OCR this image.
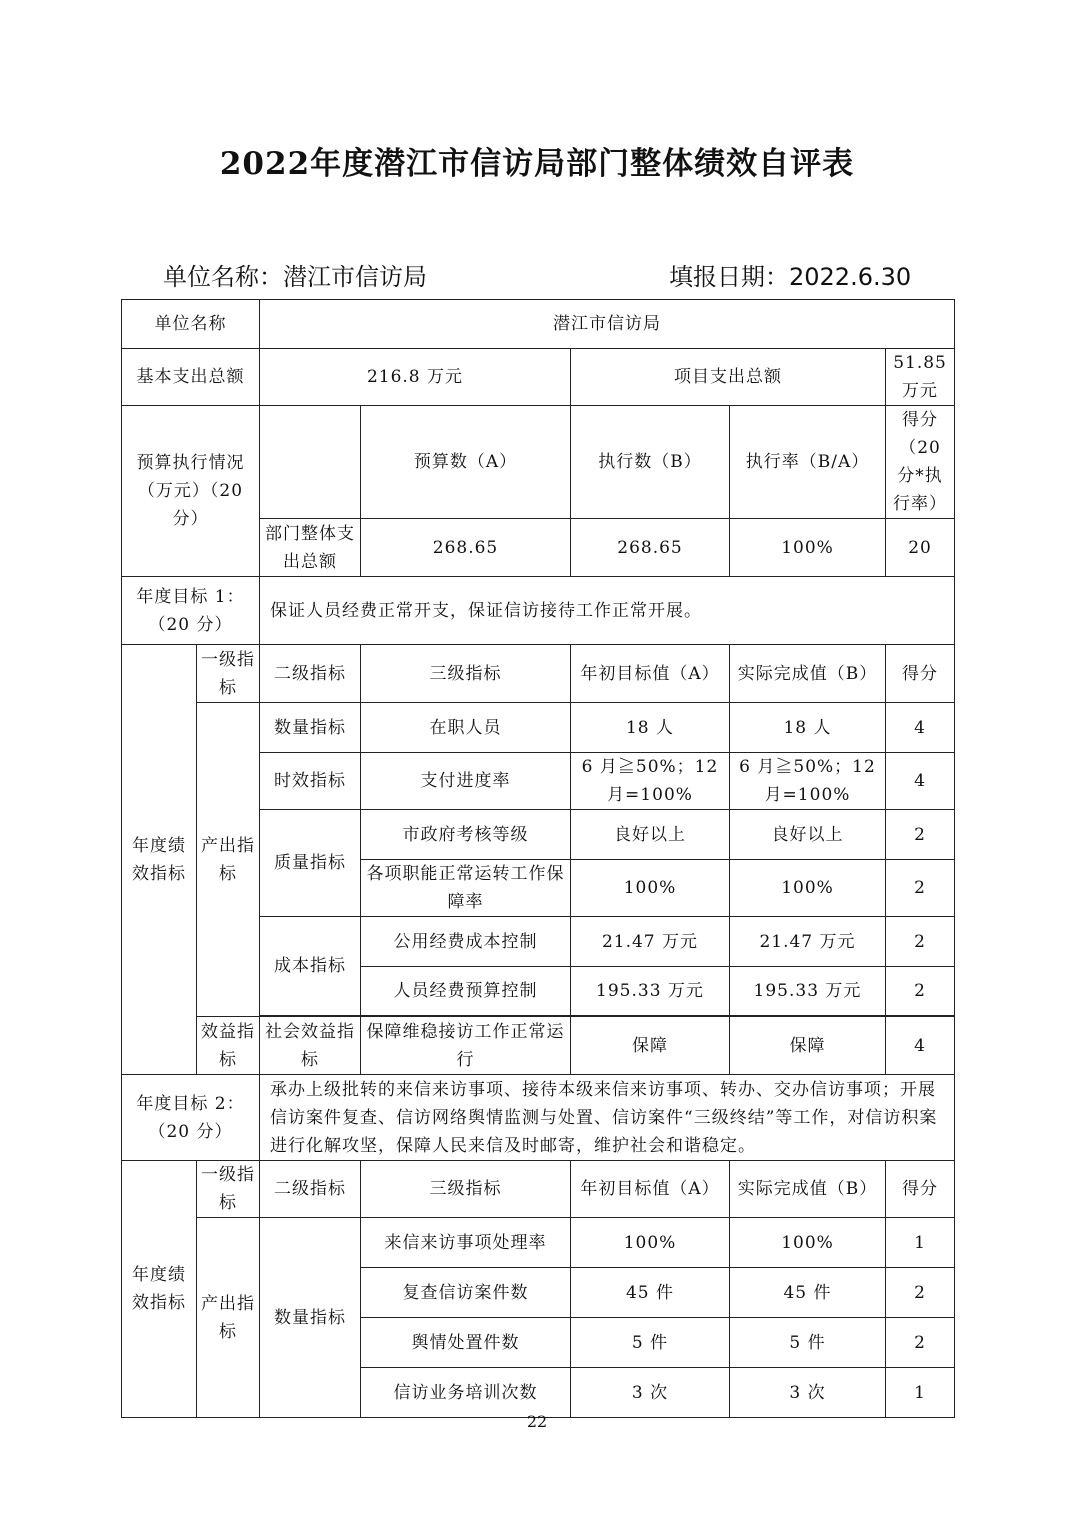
2022年度潜江市信访局部门整体绩效自评表
单位名称：潜江市信访局	填报日期：2022.6.30
单位名称		潜江市信访局				
基本支出总额		216.8 万元		项目支出总额		51.85 万元
预算执行情况（万元）（20 分）			预算数（A）	执行数（B）	执行率（B/A）	得分（20 分*执行率）
		部门整体支出总额	268.65	268.65	100%	20
年度目标 1：（20 分）		保证人员经费正常开支，保证信访接待工作正常开展。				
年度绩效指标	一级指标	二级指标	三级指标	年初目标值（A）	实际完成值（B）	得分
	产出指标	数量指标	在职人员	18 人	18 人	4
		时效指标	支付进度率	6 月≧50%；12 月=100%	6 月≧50%；12 月=100%	4
		质量指标	市政府考核等级	良好以上	良好以上	2
			各项职能正常运转工作保障率	100%	100%	2
		成本指标	公用经费成本控制	21.47 万元	21.47 万元	2
			人员经费预算控制	195.33 万元	195.33 万元	2

	效益指标	社会效益指标	保障维稳接访工作正常运行	保障	保障	4
年度目标 2：（20 分）		承办上级批转的来信来访事项、接待本级来信来访事项、转办、交办信访事项；开展信访案件复查、信访网络舆情监测与处置、信访案件“三级终结”等工作，对信访积案进行化解攻坚，保障人民来信及时邮寄，维护社会和谐稳定。				
年度绩效指标	一级指标	二级指标	三级指标	年初目标值（A）	实际完成值（B）	得分
	产出指标	数量指标	来信来访事项处理率	100%	100%	1
			复查信访案件数	45 件	45 件	2
			舆情处置件数	5 件	5 件	2
			信访业务培训次数	3 次	3 次	1
22
